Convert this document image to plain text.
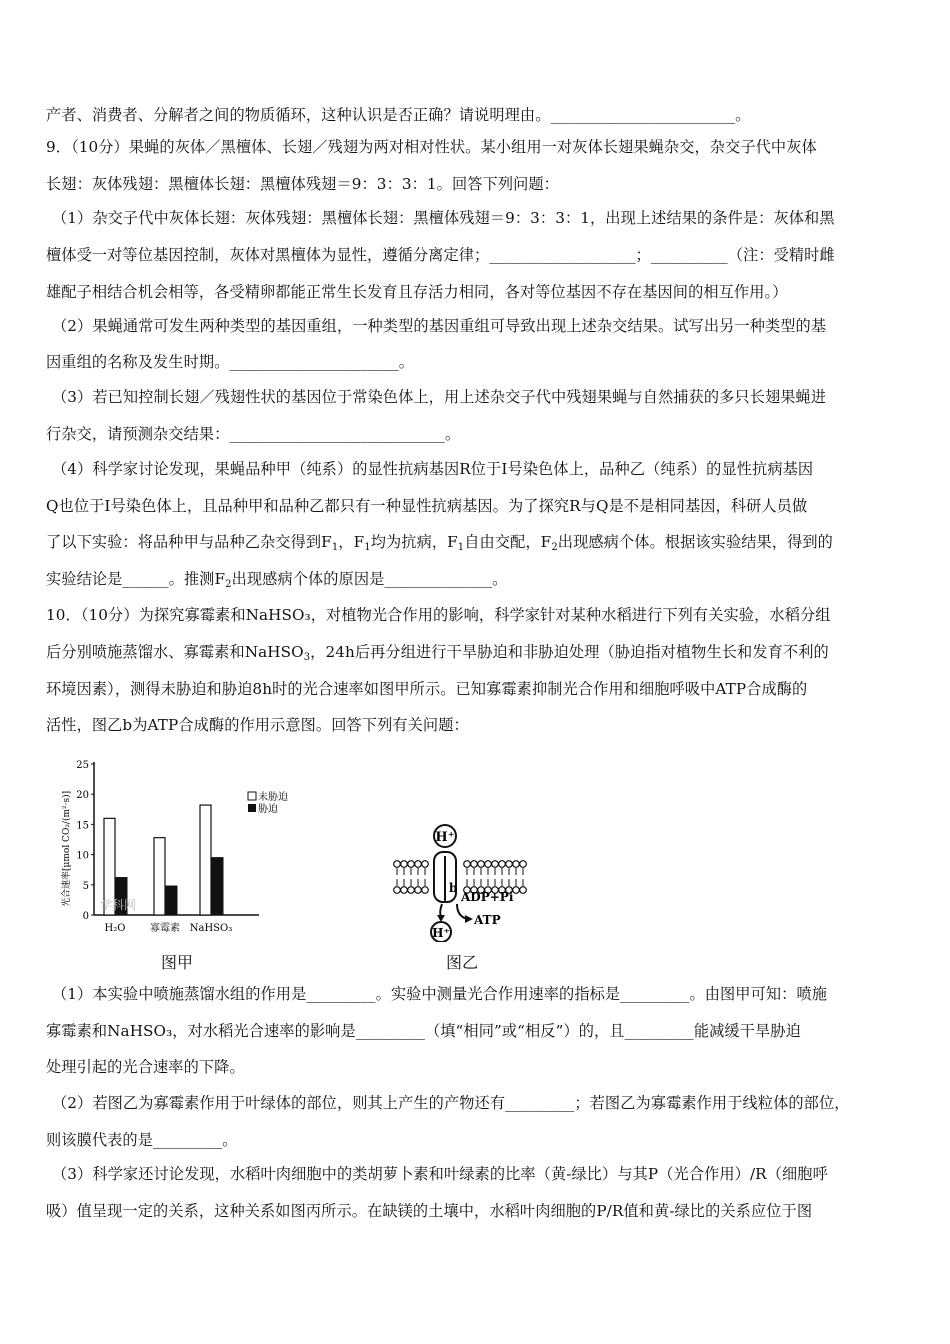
产者、消费者、分解者之间的物质循环，这种认识是否正确？请说明理由。________________________。
9．（10分）果蝇的灰体／黑檀体、长翅／残翅为两对相对性状。某小组用一对灰体长翅果蝇杂交，杂交子代中灰体
长翅：灰体残翅：黑檀体长翅：黑檀体残翅＝9：3：3：1。回答下列问题：
（1）杂交子代中灰体长翅：灰体残翅：黑檀体长翅：黑檀体残翅＝9：3：3：1，出现上述结果的条件是：灰体和黑
檀体受一对等位基因控制，灰体对黑檀体为显性，遵循分离定律；___________________；__________（注：受精时雌
雄配子相结合机会相等，各受精卵都能正常生长发育且存活力相同，各对等位基因不存在基因间的相互作用。）
（2）果蝇通常可发生两种类型的基因重组，一种类型的基因重组可导致出现上述杂交结果。试写出另一种类型的基
因重组的名称及发生时期。______________________。
（3）若已知控制长翅／残翅性状的基因位于常染色体上，用上述杂交子代中残翅果蝇与自然捕获的多只长翅果蝇进
行杂交，请预测杂交结果：____________________________。
（4）科学家讨论发现，果蝇品种甲（纯系）的显性抗病基因R位于Ⅰ号染色体上，品种乙（纯系）的显性抗病基因
Q也位于Ⅰ号染色体上，且品种甲和品种乙都只有一种显性抗病基因。为了探究R与Q是不是相同基因，科研人员做
了以下实验：将品种甲与品种乙杂交得到$F_1$，$F_1$均为抗病，$F_1$自由交配，$F_2$出现感病个体。根据该实验结果，得到的
实验结论是______。推测$F_2$出现感病个体的原因是______________。
10．（10分）为探究寡霉素和NaHSO₃，对植物光合作用的影响，科学家针对某种水稻进行下列有关实验，水稻分组
后分别喷施蒸馏水、寡霉素和NaHSO$_3$，24h后再分组进行干旱胁迫和非胁迫处理（胁迫指对植物生长和发育不利的
环境因素），测得未胁迫和胁迫8h时的光合速率如图甲所示。已知寡霉素抑制光合作用和细胞呼吸中ATP合成酶的
活性，图乙b为ATP合成酶的作用示意图。回答下列有关问题：
0
5
10
15
20
25
光合速率[μmol CO₂/(m²·s)]
H₂O 寡霉素 NaHSO₃
未胁迫
胁迫
学科网
图甲
H⁺
H⁺
b
ADP+Pi
ATP
图乙
（1）本实验中喷施蒸馏水组的作用是_________。实验中测量光合作用速率的指标是_________。由图甲可知：喷施
寡霉素和NaHSO₃，对水稻光合速率的影响是_________（填“相同”或“相反”）的，且_________能减缓干旱胁迫
处理引起的光合速率的下降。
（2）若图乙为寡霉素作用于叶绿体的部位，则其上产生的产物还有_________；若图乙为寡霉素作用于线粒体的部位，
则该膜代表的是_________。
（3）科学家还讨论发现，水稻叶肉细胞中的类胡萝卜素和叶绿素的比率（黄-绿比）与其P（光合作用）/R（细胞呼
吸）值呈现一定的关系，这种关系如图丙所示。在缺镁的土壤中，水稻叶肉细胞的P/R值和黄-绿比的关系应位于图
